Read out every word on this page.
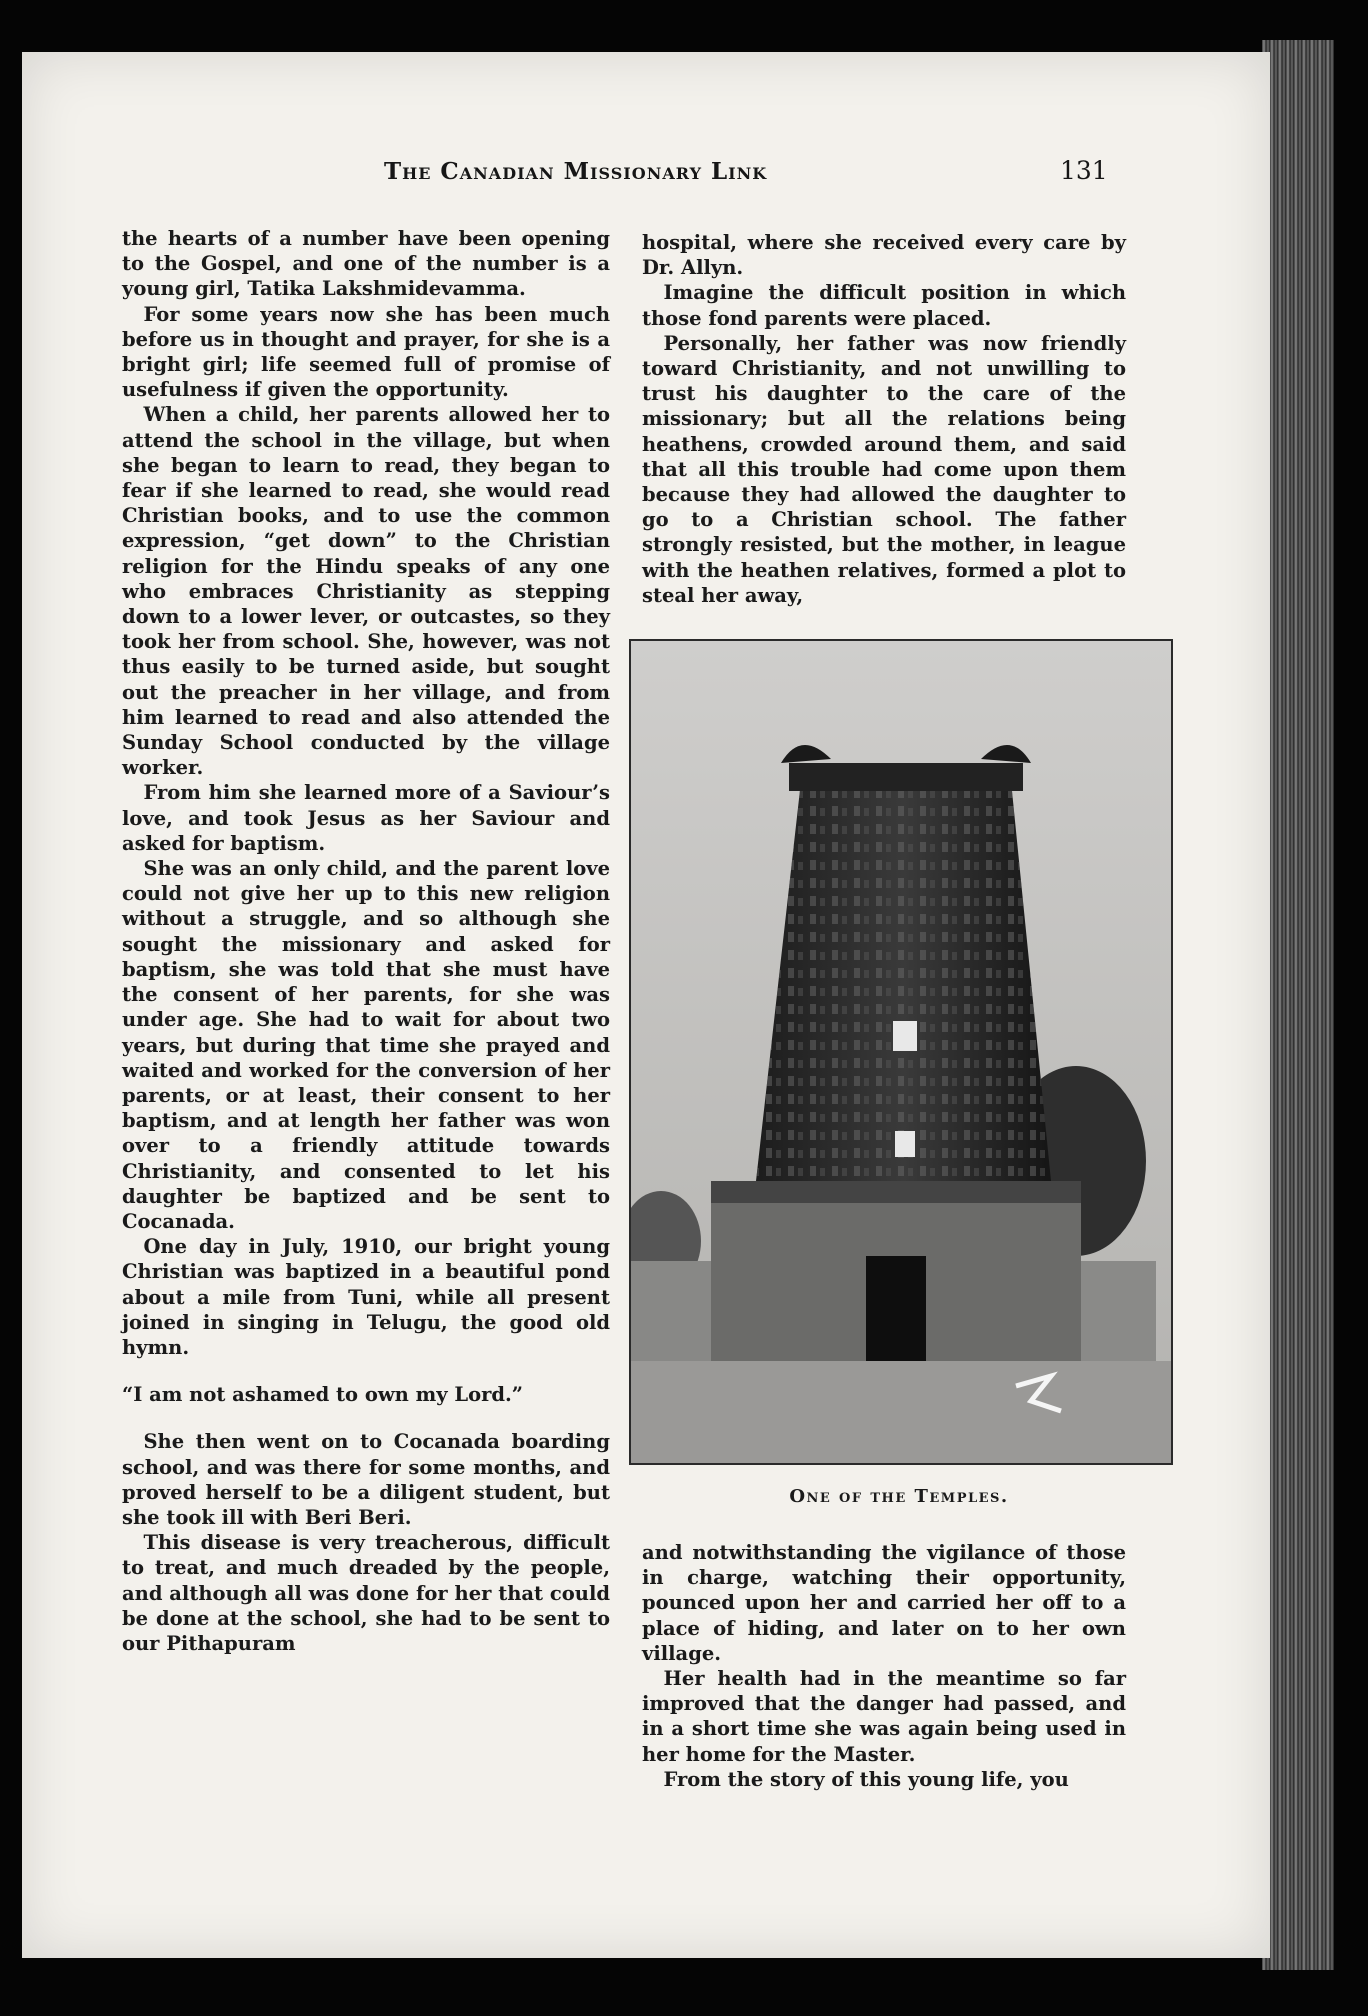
The Canadian Missionary Link	131

the hearts of a number have been opening to the Gospel, and one of the number is a young girl, Tatika Lakshmidevamma.

For some years now she has been much before us in thought and prayer, for she is a bright girl; life seemed full of promise of usefulness if given the opportunity.

When a child, her parents allowed her to attend the school in the village, but when she began to learn to read, they began to fear if she learned to read, she would read Christian books, and to use the common expression, “get down” to the Christian religion for the Hindu speaks of any one who embraces Christianity as stepping down to a lower lever, or outcastes, so they took her from school. She, however, was not thus easily to be turned aside, but sought out the preacher in her village, and from him learned to read and also attended the Sunday School conducted by the village worker.

From him she learned more of a Saviour’s love, and took Jesus as her Saviour and asked for baptism.

She was an only child, and the parent love could not give her up to this new religion without a struggle, and so although she sought the missionary and asked for baptism, she was told that she must have the consent of her parents, for she was under age. She had to wait for about two years, but during that time she prayed and waited and worked for the conversion of her parents, or at least, their consent to her baptism, and at length her father was won over to a friendly attitude towards Christianity, and consented to let his daughter be baptized and be sent to Cocanada.

One day in July, 1910, our bright young Christian was baptized in a beautiful pond about a mile from Tuni, while all present joined in singing in Telugu, the good old hymn.

“I am not ashamed to own my Lord.”

She then went on to Cocanada boarding school, and was there for some months, and proved herself to be a diligent student, but she took ill with Beri Beri.

This disease is very treacherous, difficult to treat, and much dreaded by the people, and although all was done for her that could be done at the school, she had to be sent to our Pithapuram

hospital, where she received every care by Dr. Allyn.

Imagine the difficult position in which those fond parents were placed.

Personally, her father was now friendly toward Christianity, and not unwilling to trust his daughter to the care of the missionary; but all the relations being heathens, crowded around them, and said that all this trouble had come upon them because they had allowed the daughter to go to a Christian school. The father strongly resisted, but the mother, in league with the heathen relatives, formed a plot to steal her away,

One of the Temples.

and notwithstanding the vigilance of those in charge, watching their opportunity, pounced upon her and carried her off to a place of hiding, and later on to her own village.

Her health had in the meantime so far improved that the danger had passed, and in a short time she was again being used in her home for the Master.

From the story of this young life, you
